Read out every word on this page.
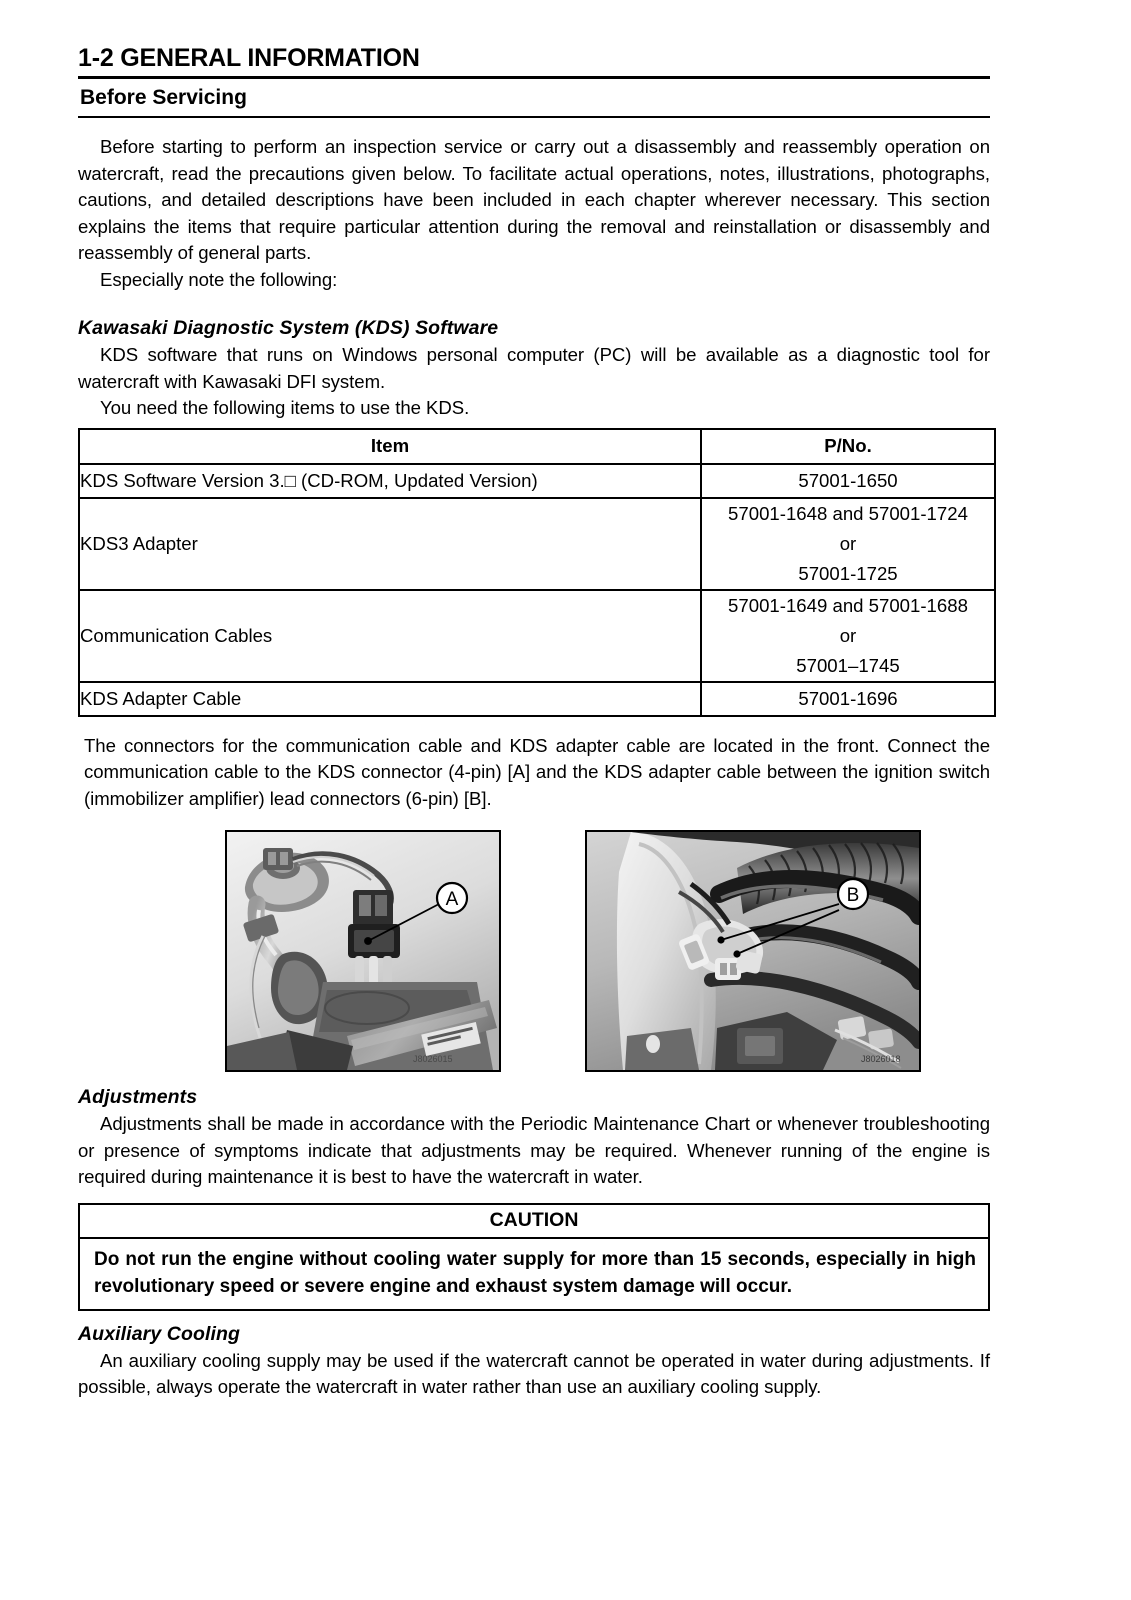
1-2 GENERAL INFORMATION
Before Servicing

Before starting to perform an inspection service or carry out a disassembly and reassembly operation on watercraft, read the precautions given below. To facilitate actual operations, notes, illustrations, photographs, cautions, and detailed descriptions have been included in each chapter wherever necessary. This section explains the items that require particular attention during the removal and reinstallation or disassembly and reassembly of general parts.

Especially note the following:

Kawasaki Diagnostic System (KDS) Software

KDS software that runs on Windows personal computer (PC) will be available as a diagnostic tool for watercraft with Kawasaki DFI system.

You need the following items to use the KDS.

Item	P/No.
KDS Software Version 3.□ (CD-ROM, Updated Version)	57001-1650

KDS3 Adapter	57001-1648 and 57001-1724
or
57001-1725

Communication Cables	57001-1649 and 57001-1688
or
57001–1745

KDS Adapter Cable	57001-1696

The connectors for the communication cable and KDS adapter cable are located in the front. Connect the communication cable to the KDS connector (4-pin) [A] and the KDS adapter cable between the ignition switch (immobilizer amplifier) lead connectors (6-pin) [B].

A
J8026015
B
J8026018
Adjustments

Adjustments shall be made in accordance with the Periodic Maintenance Chart or whenever troubleshooting or presence of symptoms indicate that adjustments may be required. Whenever running of the engine is required during maintenance it is best to have the watercraft in water.

CAUTION
Do not run the engine without cooling water supply for more than 15 seconds, especially in high revolutionary speed or severe engine and exhaust system damage will occur.
Auxiliary Cooling

An auxiliary cooling supply may be used if the watercraft cannot be operated in water during adjustments. If possible, always operate the watercraft in water rather than use an auxiliary cooling supply.
